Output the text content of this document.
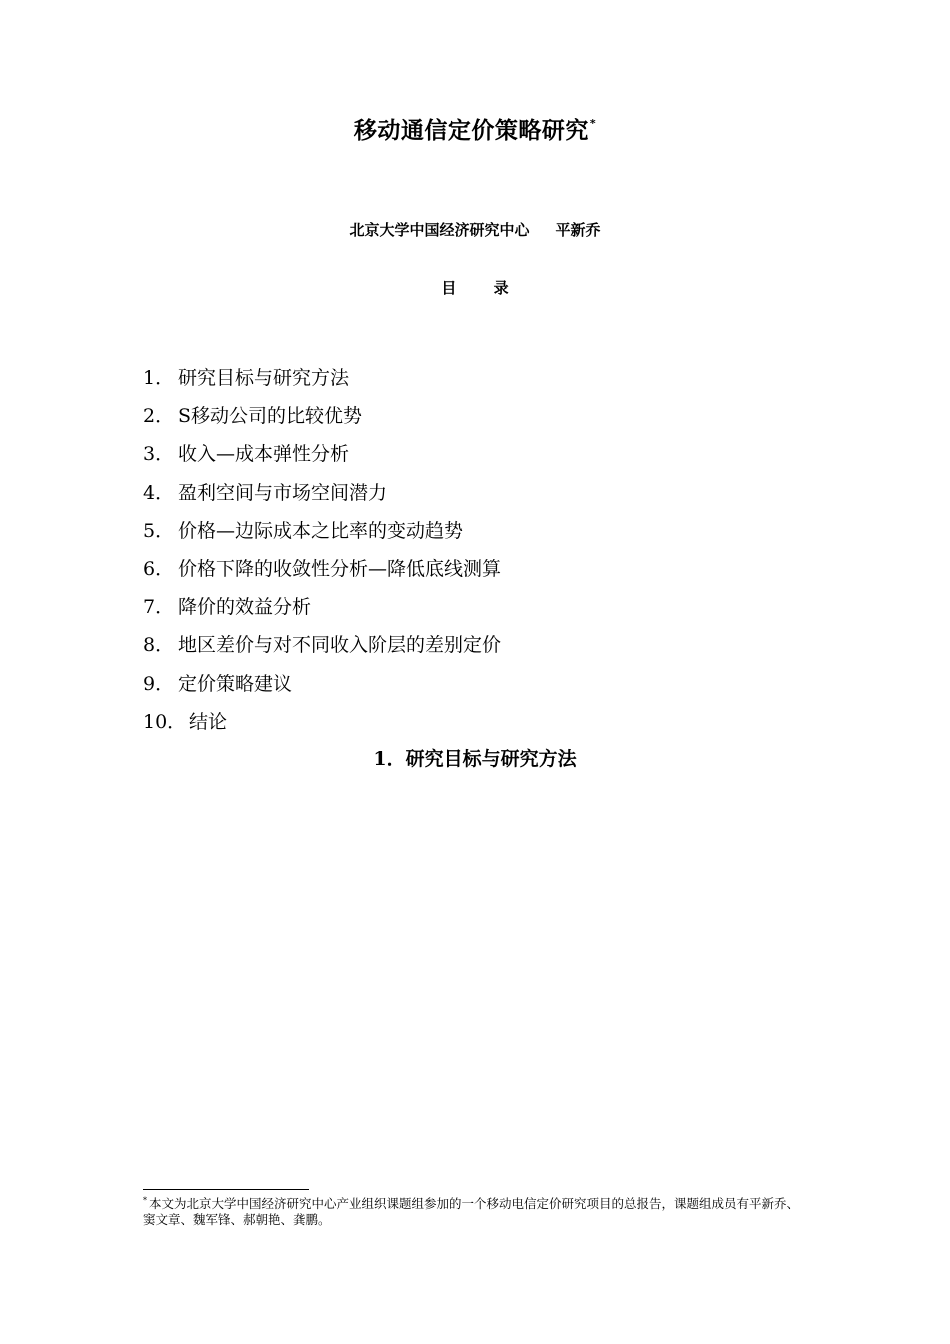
移动通信定价策略研究*
北京大学中国经济研究中心 平新乔
目 录
1． 研究目标与研究方法
2． S移动公司的比较优势
3． 收入—成本弹性分析
4． 盈利空间与市场空间潜力
5． 价格—边际成本之比率的变动趋势
6． 价格下降的收敛性分析—降低底线测算
7． 降价的效益分析
8． 地区差价与对不同收入阶层的差别定价
9． 定价策略建议
10． 结论
1．研究目标与研究方法
* 本文为北京大学中国经济研究中心产业组织课题组参加的一个移动电信定价研究项目的总报告，课题组成员有平新乔、窦文章、魏军锋、郝朝艳、龚鹏。
